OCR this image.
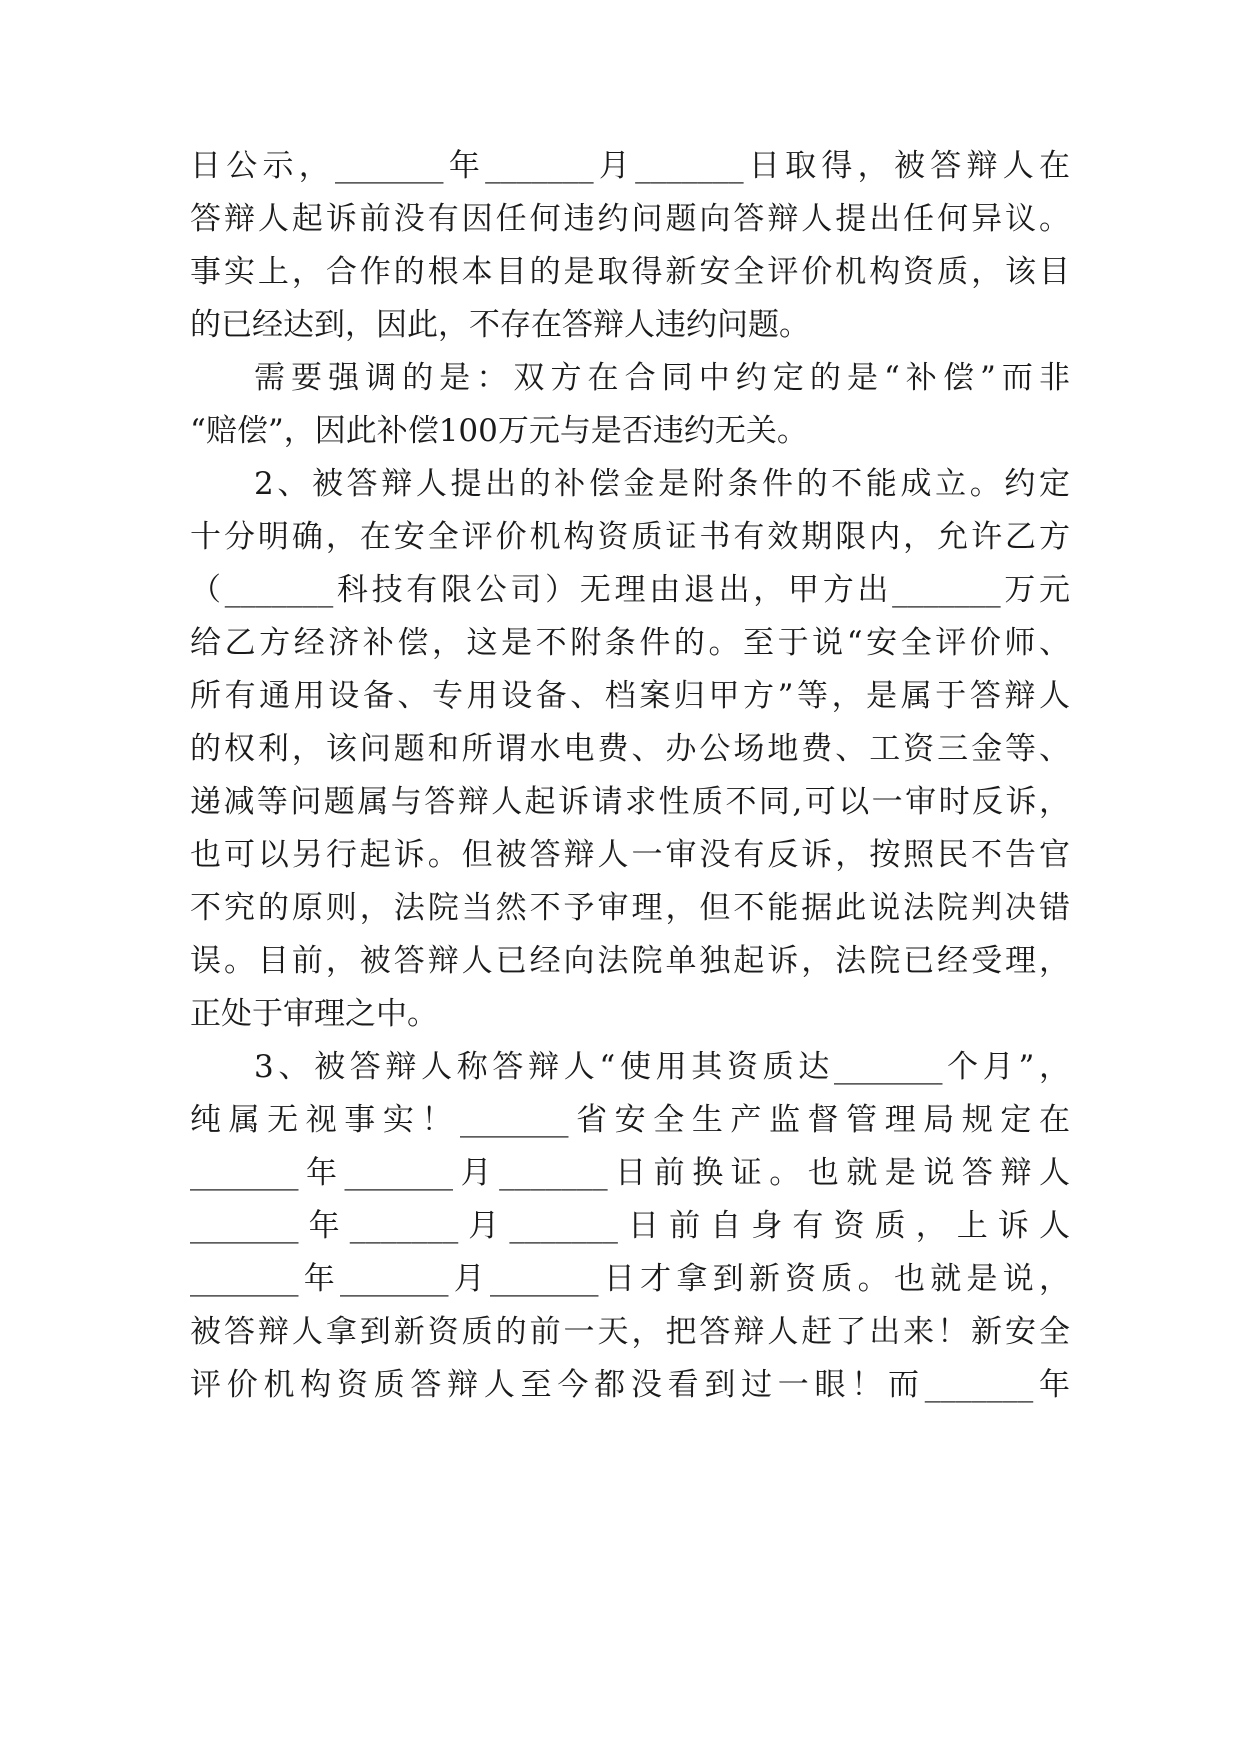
日公示，_______年_______月_______日取得，被答辩人在
答辩人起诉前没有因任何违约问题向答辩人提出任何异议。
事实上，合作的根本目的是取得新安全评价机构资质，该目
的已经达到，因此，不存在答辩人违约问题。
需要强调的是：双方在合同中约定的是“补偿”而非
“赔偿”，因此补偿100万元与是否违约无关。
2、被答辩人提出的补偿金是附条件的不能成立。约定
十分明确，在安全评价机构资质证书有效期限内，允许乙方
（_______科技有限公司）无理由退出，甲方出_______万元
给乙方经济补偿，这是不附条件的。至于说“安全评价师、
所有通用设备、专用设备、档案归甲方”等，是属于答辩人
的权利，该问题和所谓水电费、办公场地费、工资三金等、
递减等问题属与答辩人起诉请求性质不同,可以一审时反诉，
也可以另行起诉。但被答辩人一审没有反诉，按照民不告官
不究的原则，法院当然不予审理，但不能据此说法院判决错
误。目前，被答辩人已经向法院单独起诉，法院已经受理，
正处于审理之中。
3、被答辩人称答辩人“使用其资质达_______个月”，
纯属无视事实！_______省安全生产监督管理局规定在
_______年_______月_______日前换证。也就是说答辩人
_______年_______月_______日前自身有资质，上诉人
_______年_______月_______日才拿到新资质。也就是说，
被答辩人拿到新资质的前一天，把答辩人赶了出来！新安全
评价机构资质答辩人至今都没看到过一眼！而_______年
